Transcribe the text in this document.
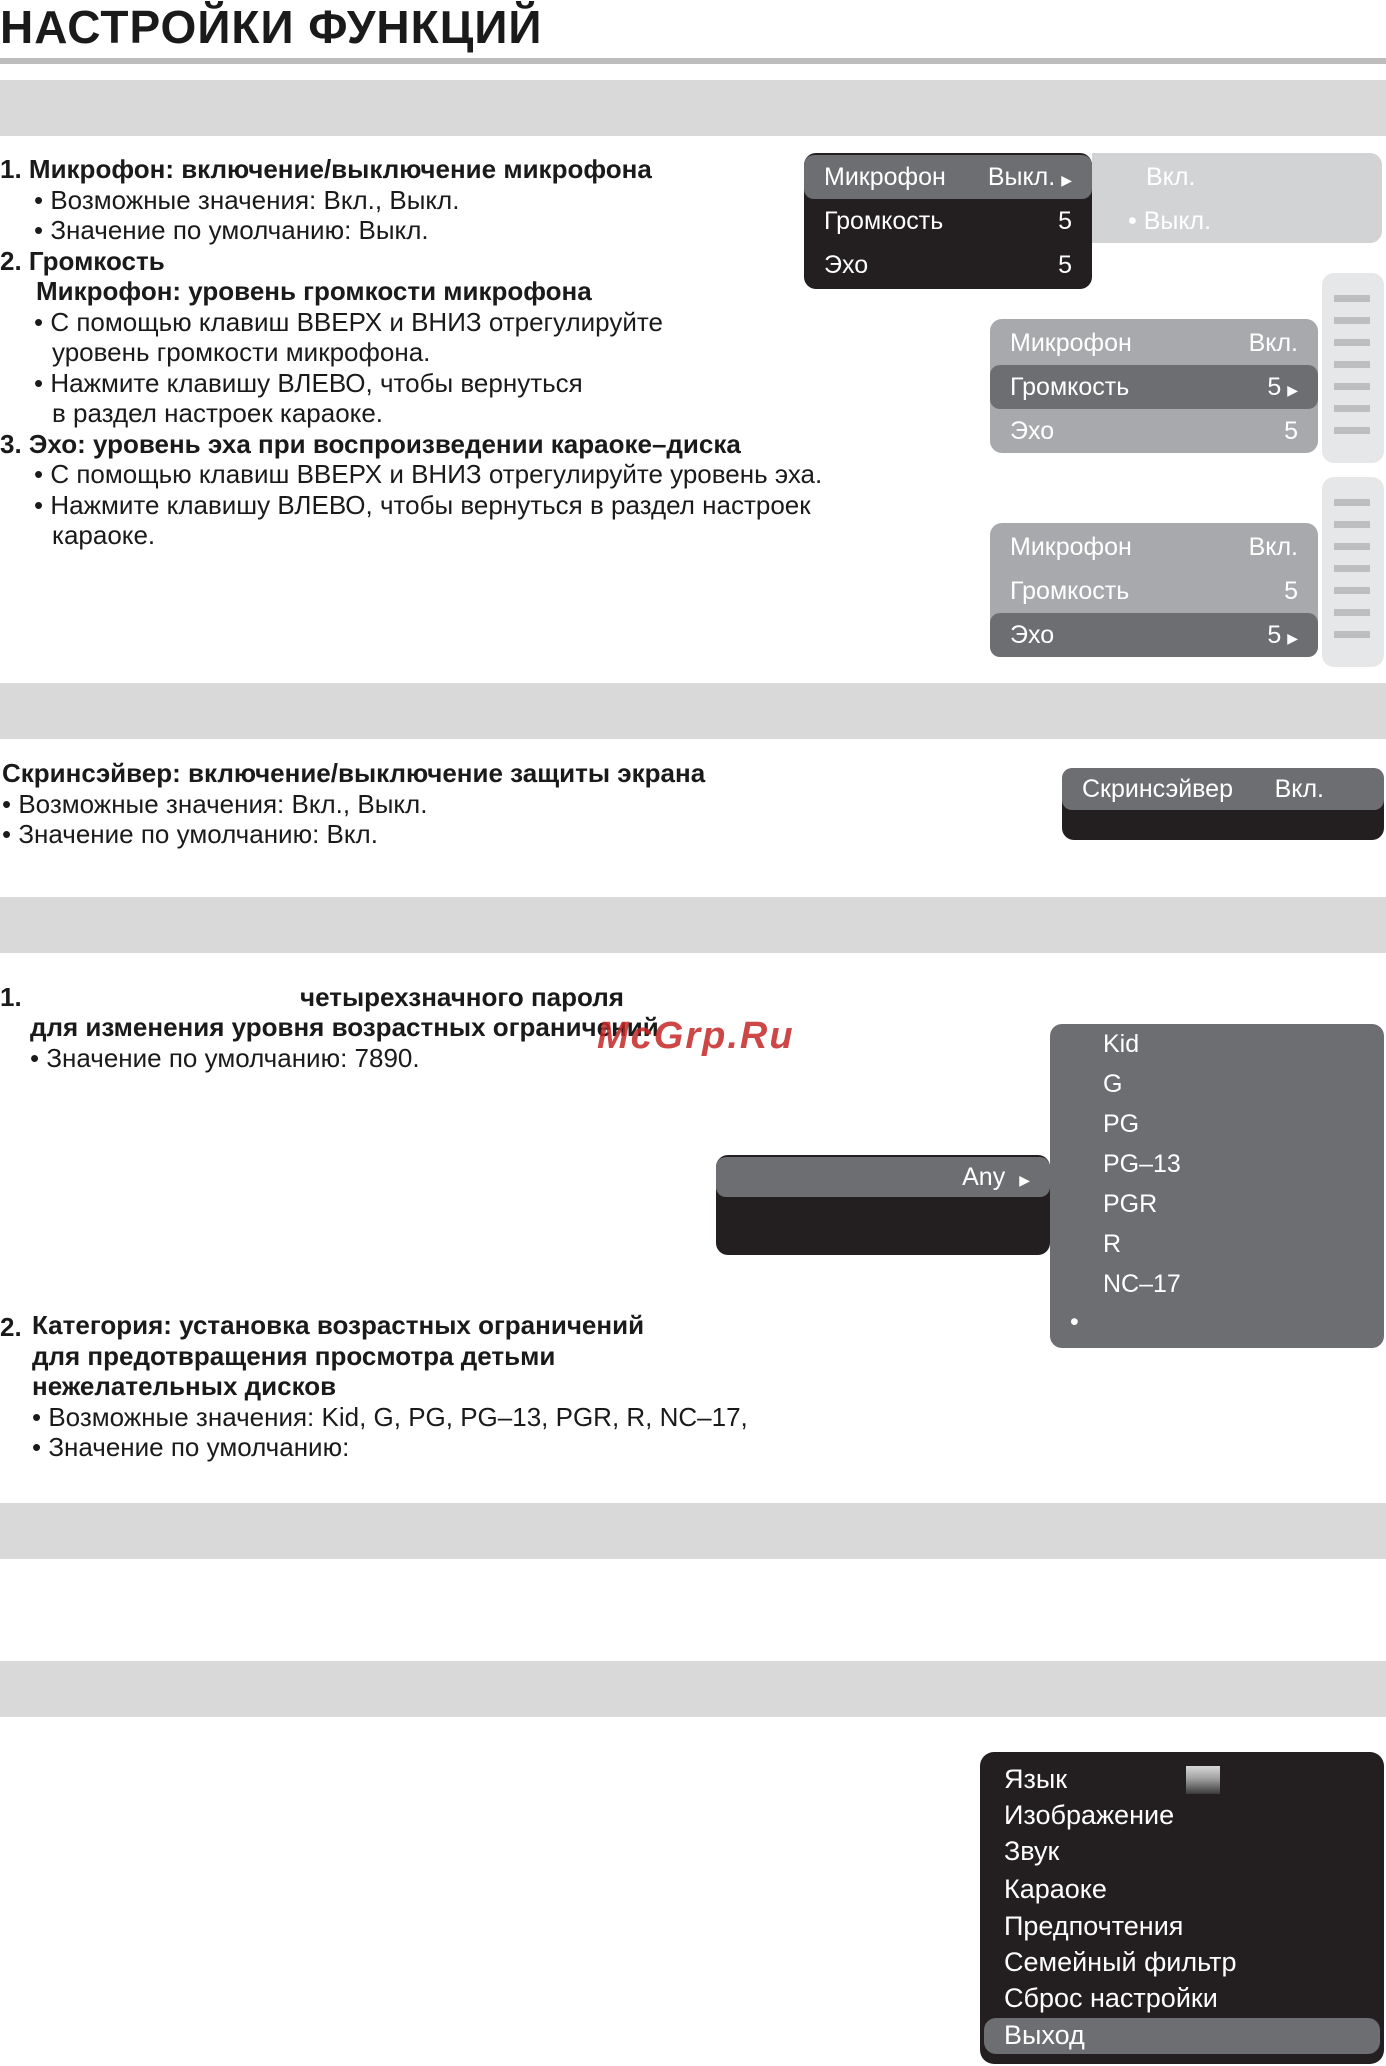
НАСТРОЙКИ ФУНКЦИЙ
1. Микрофон: включение/выключение микрофона
• Возможные значения: Вкл., Выкл.
• Значение по умолчанию: Выкл.
2. Громкость
Микрофон: уровень громкости микрофона
• С помощью клавиш ВВЕРХ и ВНИЗ отрегулируйте
уровень громкости микрофона.
• Нажмите клавишу ВЛЕВО, чтобы вернуться
в раздел настроек караоке.
3. Эхо: уровень эха при воспроизведении караоке–диска
• С помощью клавиш ВВЕРХ и ВНИЗ отрегулируйте уровень эха.
• Нажмите клавишу ВЛЕВО, чтобы вернуться в раздел настроек
караоке.
Микрофон Выкл. ▶
Громкость	5
Эхо	5
Вкл.
• Выкл.
Микрофон	Вкл.
Громкость	5 ▶
Эхо	5
Микрофон	Вкл.
Громкость	5
Эхо	5 ▶
Скринсэйвер: включение/выключение защиты экрана
• Возможные значения: Вкл., Выкл.
• Значение по умолчанию: Вкл.
Скринсэйвер Вкл.
1.	четырехзначного пароля
для изменения уровня возрастных ограничений
• Значение по умолчанию: 7890.
McGrp.Ru
Any ▶
Kid
G
PG
PG–13
PGR
R
NC–17
•
2. Категория: установка возрастных ограничений
для предотвращения просмотра детьми
нежелательных дисков
• Возможные значения: Kid, G, PG, PG–13, PGR, R, NC–17,
• Значение по умолчанию:
Язык
Изображение
Звук
Караоке
Предпочтения
Семейный фильтр
Сброс настройки
Выход
